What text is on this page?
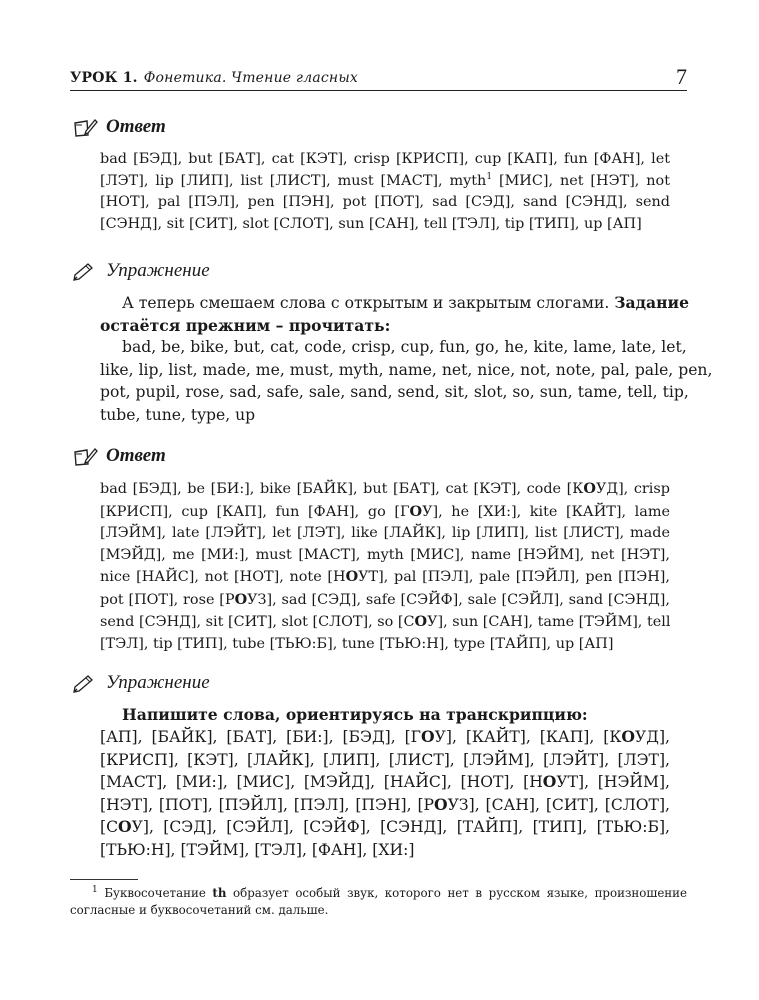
УРОК 1. Фонетика. Чтение гласных	7
Ответ
bad [БЭД], but [БАТ], cat [КЭТ], crisp [КРИСП], cup [КАП], fun [ФАН], let
[ЛЭТ], lip [ЛИП], list [ЛИСТ], must [МАСТ], myth$^1$ [МИС], net [НЭТ], not
[НОТ], pal [ПЭЛ], pen [ПЭН], pot [ПОТ], sad [СЭД], sand [СЭНД], send
[СЭНД], sit [СИТ], slot [СЛОТ], sun [САН], tell [ТЭЛ], tip [ТИП], up [АП]
Упражнение
А теперь смешаем слова с открытым и закрытым слогами. Задание
остаётся прежним – прочитать:
bad, be, bike, but, cat, code, crisp, cup, fun, go, he, kite, lame, late, let,
like, lip, list, made, me, must, myth, name, net, nice, not, note, pal, pale, pen,
pot, pupil, rose, sad, safe, sale, sand, send, sit, slot, so, sun, tame, tell, tip,
tube, tune, type, up
Ответ
bad [БЭД], be [БИ:], bike [БАЙК], but [БАТ], cat [КЭТ], code [КОУД], crisp
[КРИСП], cup [КАП], fun [ФАН], go [ГОУ], he [ХИ:], kite [КАЙТ], lame
[ЛЭЙМ], late [ЛЭЙТ], let [ЛЭТ], like [ЛАЙК], lip [ЛИП], list [ЛИСТ], made
[МЭЙД], me [МИ:], must [МАСТ], myth [МИС], name [НЭЙМ], net [НЭТ],
nice [НАЙС], not [НОТ], note [НОУТ], pal [ПЭЛ], pale [ПЭЙЛ], pen [ПЭН],
pot [ПОТ], rose [РОУЗ], sad [СЭД], safe [СЭЙФ], sale [СЭЙЛ], sand [СЭНД],
send [СЭНД], sit [СИТ], slot [СЛОТ], so [СОУ], sun [САН], tame [ТЭЙМ], tell
[ТЭЛ], tip [ТИП], tube [ТЬЮ:Б], tune [ТЬЮ:Н], type [ТАЙП], up [АП]
Упражнение
Напишите слова, ориентируясь на транскрипцию:
[АП], [БАЙК], [БАТ], [БИ:], [БЭД], [ГОУ], [КАЙТ], [КАП], [КОУД],
[КРИСП], [КЭТ], [ЛАЙК], [ЛИП], [ЛИСТ], [ЛЭЙМ], [ЛЭЙТ], [ЛЭТ],
[МАСТ], [МИ:], [МИС], [МЭЙД], [НАЙС], [НОТ], [НОУТ], [НЭЙМ],
[НЭТ], [ПОТ], [ПЭЙЛ], [ПЭЛ], [ПЭН], [РОУЗ], [САН], [СИТ], [СЛОТ],
[СОУ], [СЭД], [СЭЙЛ], [СЭЙФ], [СЭНД], [ТАЙП], [ТИП], [ТЬЮ:Б],
[ТЬЮ:Н], [ТЭЙМ], [ТЭЛ], [ФАН], [ХИ:]
$^1$ Буквосочетание th образует особый звук, которого нет в русском языке, произношение
согласные и буквосочетаний см. дальше.
